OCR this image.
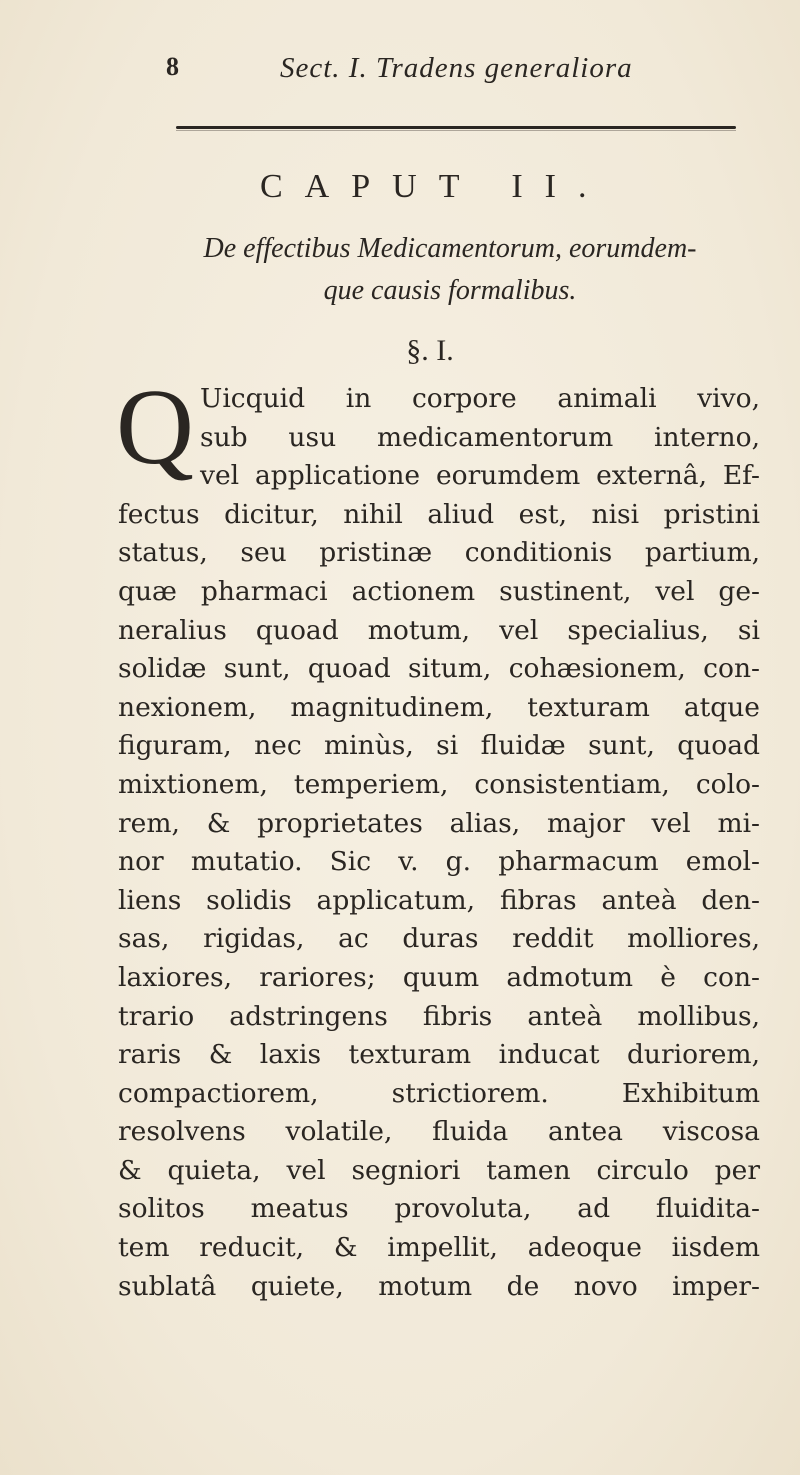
8	Sect. I. Tradens generaliora
CAPUT II.
De effectibus Medicamentorum, eorumdem-
que causis formalibus.
§. I.
Q Uicquid in corpore animali vivo,
sub usu medicamentorum interno,
vel applicatione eorumdem externâ, Ef-
fectus dicitur, nihil aliud est, nisi pristini
status, seu pristinæ conditionis partium,
quæ pharmaci actionem sustinent, vel ge-
neralius quoad motum, vel specialius, si
solidæ sunt, quoad situm, cohæsionem, con-
nexionem, magnitudinem, texturam atque
figuram, nec minùs, si fluidæ sunt, quoad
mixtionem, temperiem, consistentiam, colo-
rem, & proprietates alias, major vel mi-
nor mutatio. Sic v. g. pharmacum emol-
liens solidis applicatum, fibras anteà den-
sas, rigidas, ac duras reddit molliores,
laxiores, rariores; quum admotum è con-
trario adstringens fibris anteà mollibus,
raris & laxis texturam inducat duriorem,
compactiorem, strictiorem. Exhibitum
resolvens volatile, fluida antea viscosa
& quieta, vel segniori tamen circulo per
solitos meatus provoluta, ad fluidita-
tem reducit, & impellit, adeoque iisdem
sublatâ quiete, motum de novo imper-
